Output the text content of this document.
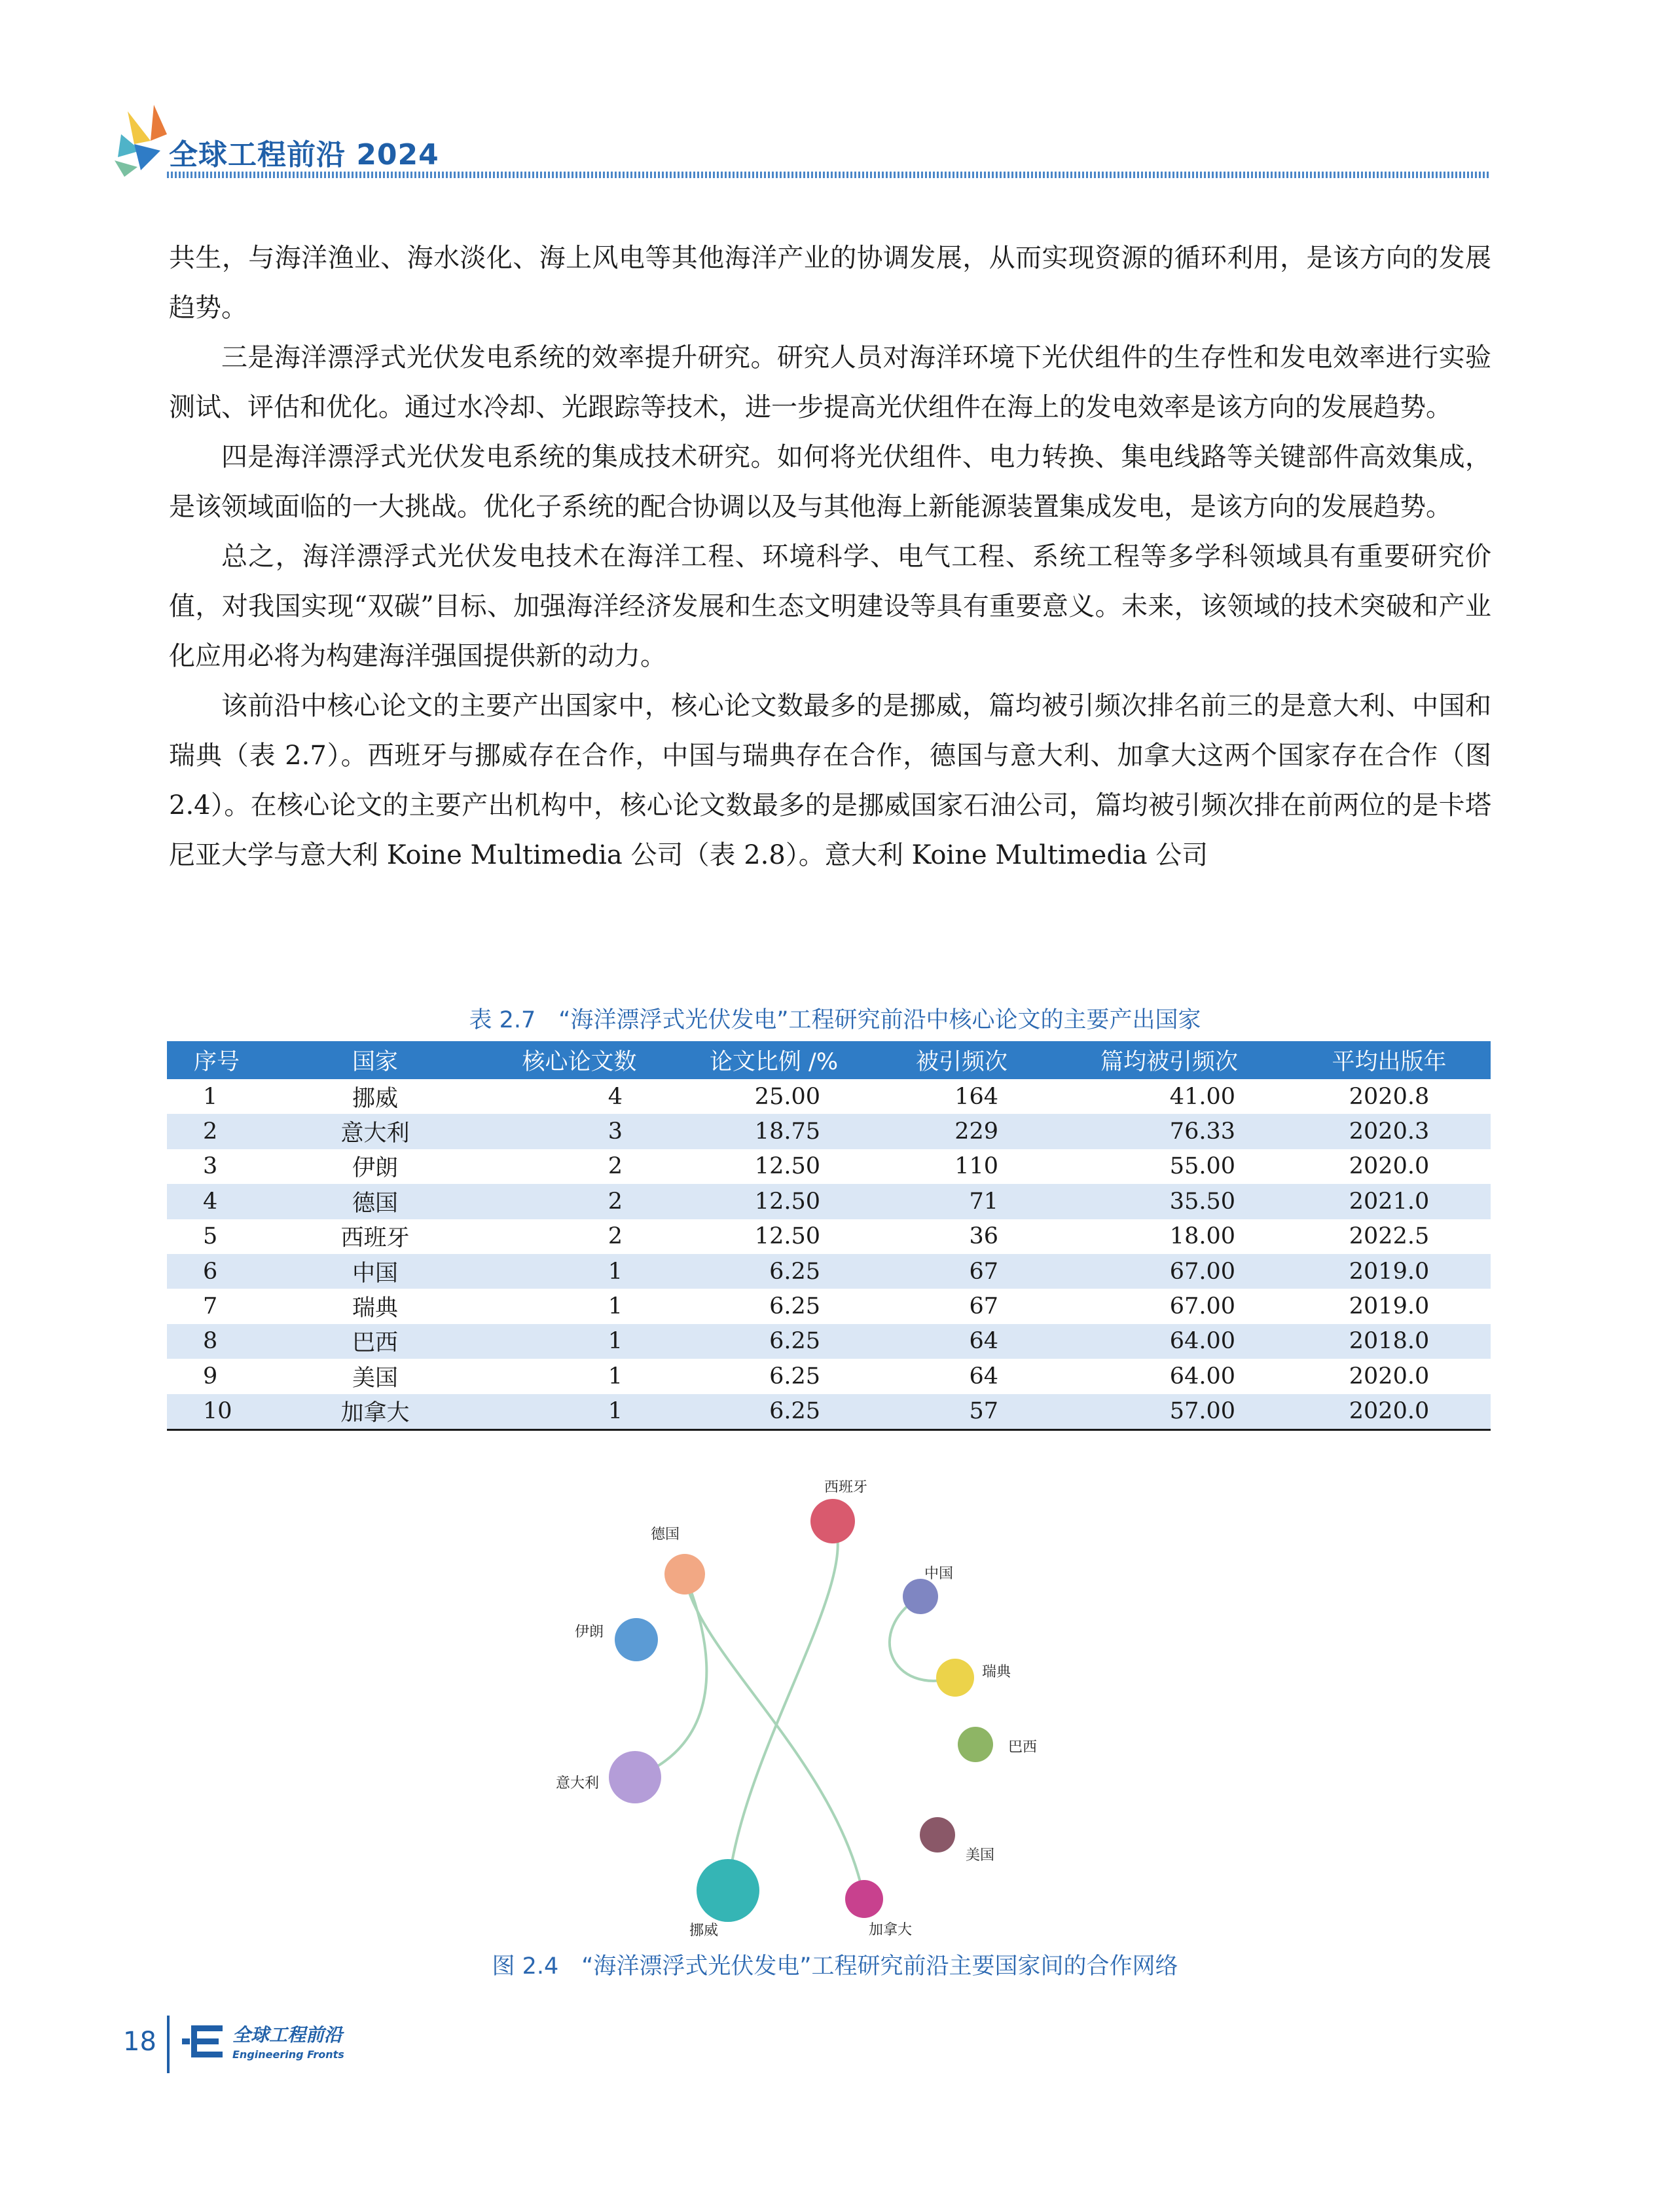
全球工程前沿 2024

共生，与海洋渔业、海水淡化、海上风电等其他海洋产业的协调发展，从而实现资源的循环利用，是该方向的发展趋势。

三是海洋漂浮式光伏发电系统的效率提升研究。研究人员对海洋环境下光伏组件的生存性和发电效率进行实验测试、评估和优化。通过水冷却、光跟踪等技术，进一步提高光伏组件在海上的发电效率是该方向的发展趋势。

四是海洋漂浮式光伏发电系统的集成技术研究。如何将光伏组件、电力转换、集电线路等关键部件高效集成，是该领域面临的一大挑战。优化子系统的配合协调以及与其他海上新能源装置集成发电，是该方向的发展趋势。

总之，海洋漂浮式光伏发电技术在海洋工程、环境科学、电气工程、系统工程等多学科领域具有重要研究价值，对我国实现“双碳”目标、加强海洋经济发展和生态文明建设等具有重要意义。未来，该领域的技术突破和产业化应用必将为构建海洋强国提供新的动力。

该前沿中核心论文的主要产出国家中，核心论文数最多的是挪威，篇均被引频次排名前三的是意大利、中国和瑞典（表 2.7）。西班牙与挪威存在合作，中国与瑞典存在合作，德国与意大利、加拿大这两个国家存在合作（图 2.4）。在核心论文的主要产出机构中，核心论文数最多的是挪威国家石油公司，篇均被引频次排在前两位的是卡塔尼亚大学与意大利 Koine Multimedia 公司（表 2.8）。意大利 Koine Multimedia 公司

表 2.7　“海洋漂浮式光伏发电”工程研究前沿中核心论文的主要产出国家
序号	国家	核心论文数	论文比例 /%	被引频次	篇均被引频次	平均出版年
1	挪威	4	25.00	164	41.00	2020.8
2	意大利	3	18.75	229	76.33	2020.3
3	伊朗	2	12.50	110	55.00	2020.0
4	德国	2	12.50	71	35.50	2021.0
5	西班牙	2	12.50	36	18.00	2022.5
6	中国	1	6.25	67	67.00	2019.0
7	瑞典	1	6.25	67	67.00	2019.0
8	巴西	1	6.25	64	64.00	2018.0
9	美国	1	6.25	64	64.00	2020.0
10	加拿大	1	6.25	57	57.00	2020.0
西班牙
德国
中国
伊朗
瑞典
巴西
意大利
美国
挪威	加拿大
图 2.4　“海洋漂浮式光伏发电”工程研究前沿主要国家间的合作网络
18	全球工程前沿
Engineering Fronts
